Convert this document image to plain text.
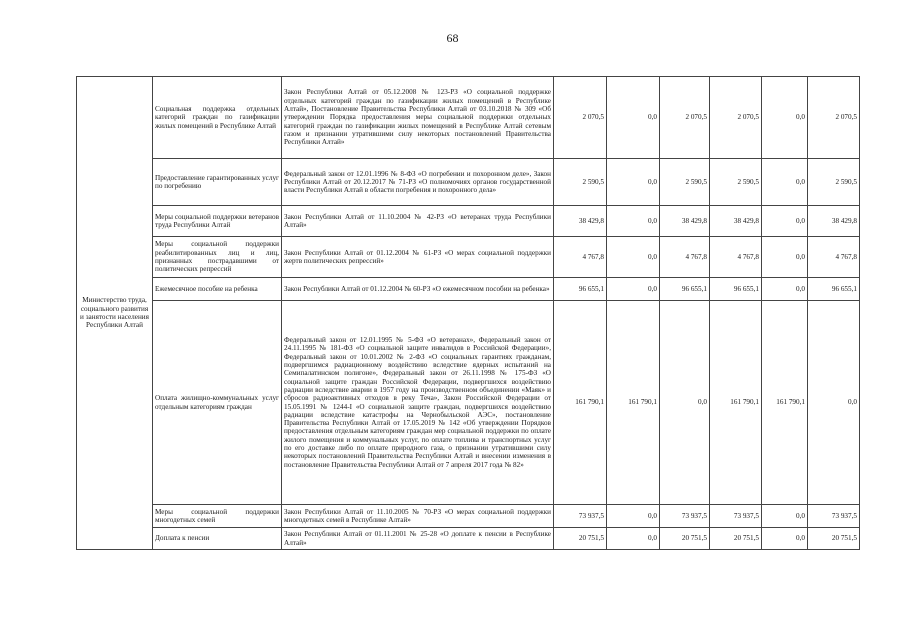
68
Министерство труда, социального развития и занятости населения Республики Алтай	Социальная поддержка отдельных категорий граждан по газификации жилых помещений в Республике Алтай	Закон Республики Алтай от 05.12.2008 № 123-РЗ «О социальной поддержке отдельных категорий граждан по газификации жилых помещений в Республике Алтай», Постановление Правительства Республики Алтай от 03.10.2018 № 309 «Об утверждении Порядка предоставления меры социальной поддержки отдельных категорий граждан по газификации жилых помещений в Республике Алтай сетевым газом и признании утратившими силу некоторых постановлений Правительства Республики Алтай»	2 070,5	0,0	2 070,5	2 070,5	0,0	2 070,5
	Предоставление гарантированных услуг по погребению	Федеральный закон от 12.01.1996 № 8-ФЗ «О погребении и похоронном деле», Закон Республики Алтай от 20.12.2017 № 71-РЗ «О полномочиях органов государственной власти Республики Алтай в области погребения и похоронного дела»	2 590,5	0,0	2 590,5	2 590,5	0,0	2 590,5
	Меры социальной поддержки ветеранов труда Республики Алтай	Закон Республики Алтай от 11.10.2004 № 42-РЗ «О ветеранах труда Республики Алтай»	38 429,8	0,0	38 429,8	38 429,8	0,0	38 429,8
	Меры социальной поддержки реабилитированных лиц и лиц, признанных пострадавшими от политических репрессий	Закон Республики Алтай от 01.12.2004 № 61-РЗ «О мерах социальной поддержки жертв политических репрессий»	4 767,8	0,0	4 767,8	4 767,8	0,0	4 767,8
	Ежемесячное пособие на ребенка	Закон Республики Алтай от 01.12.2004 № 60-РЗ «О ежемесячном пособии на ребенка»	96 655,1	0,0	96 655,1	96 655,1	0,0	96 655,1
	Оплата жилищно-коммунальных услуг отдельным категориям граждан	Федеральный закон от 12.01.1995 № 5-ФЗ «О ветеранах», Федеральный закон от 24.11.1995 № 181-ФЗ «О социальной защите инвалидов в Российской Федерации», Федеральный закон от 10.01.2002 № 2-ФЗ «О социальных гарантиях гражданам, подвергшимся радиационному воздействию вследствие ядерных испытаний на Семипалатинском полигоне», Федеральный закон от 26.11.1998 № 175-ФЗ «О социальной защите граждан Российской Федерации, подвергшихся воздействию радиации вследствие аварии в 1957 году на производственном объединении «Маяк» и сбросов радиоактивных отходов в реку Теча», Закон Российской Федерации от 15.05.1991 № 1244-I «О социальной защите граждан, подвергшихся воздействию радиации вследствие катастрофы на Чернобыльской АЭС», постановление Правительства Республики Алтай от 17.05.2019 № 142 «Об утверждении Порядков предоставления отдельным категориям граждан мер социальной поддержки по оплате жилого помещения и коммунальных услуг, по оплате топлива и транспортных услуг по его доставке либо по оплате природного газа, о признании утратившими силу некоторых постановлений Правительства Республики Алтай и внесении изменения в постановление Правительства Республики Алтай от 7 апреля 2017 года № 82»	161 790,1	161 790,1	0,0	161 790,1	161 790,1	0,0
	Меры социальной поддержки многодетных семей	Закон Республики Алтай от 11.10.2005 № 70-РЗ «О мерах социальной поддержки многодетных семей в Республике Алтай»	73 937,5	0,0	73 937,5	73 937,5	0,0	73 937,5
	Доплата к пенсии	Закон Республики Алтай от 01.11.2001 № 25-28 «О доплате к пенсии в Республике Алтай»	20 751,5	0,0	20 751,5	20 751,5	0,0	20 751,5
